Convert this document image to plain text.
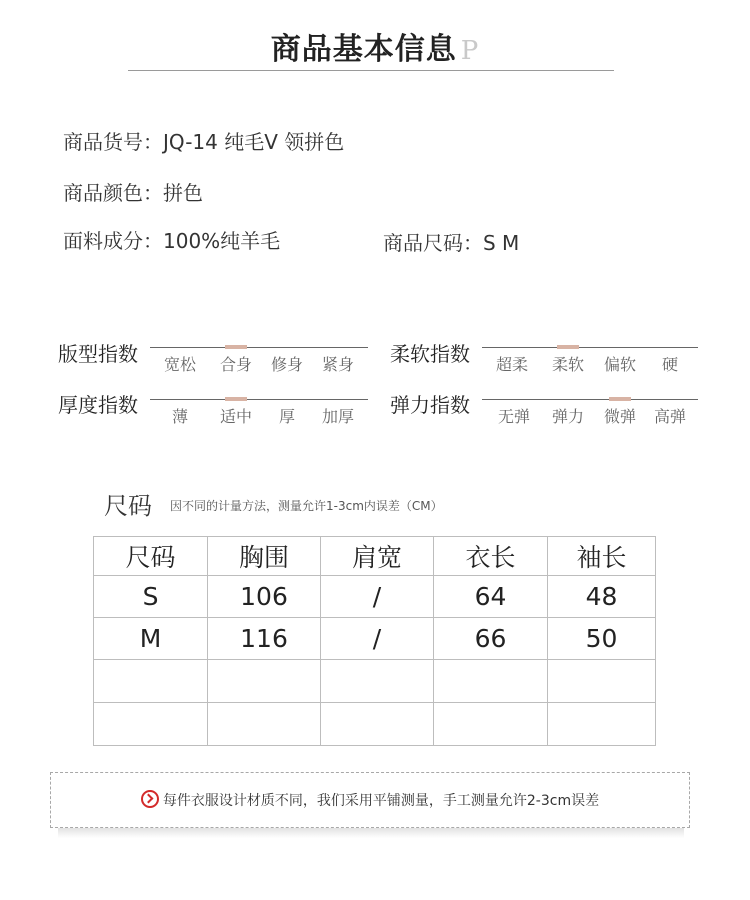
商品基本信息 P
商品货号：JQ-14 纯毛V 领拼色
商品颜色：拼色
面料成分：100%纯羊毛	商品尺码：S M
版型指数	宽松	合身	修身	紧身	柔软指数	超柔	柔软	偏软	硬
厚度指数	薄	适中	厚	加厚	弹力指数	无弹	弹力	微弹	高弹
尺码 因不同的计量方法，测量允许1-3cm内误差（CM）
尺码	胸围	肩宽	衣长	袖长
S	106	/	64	48
M	116	/	66	50

每件衣服设计材质不同，我们采用平铺测量，手工测量允许2-3cm误差
